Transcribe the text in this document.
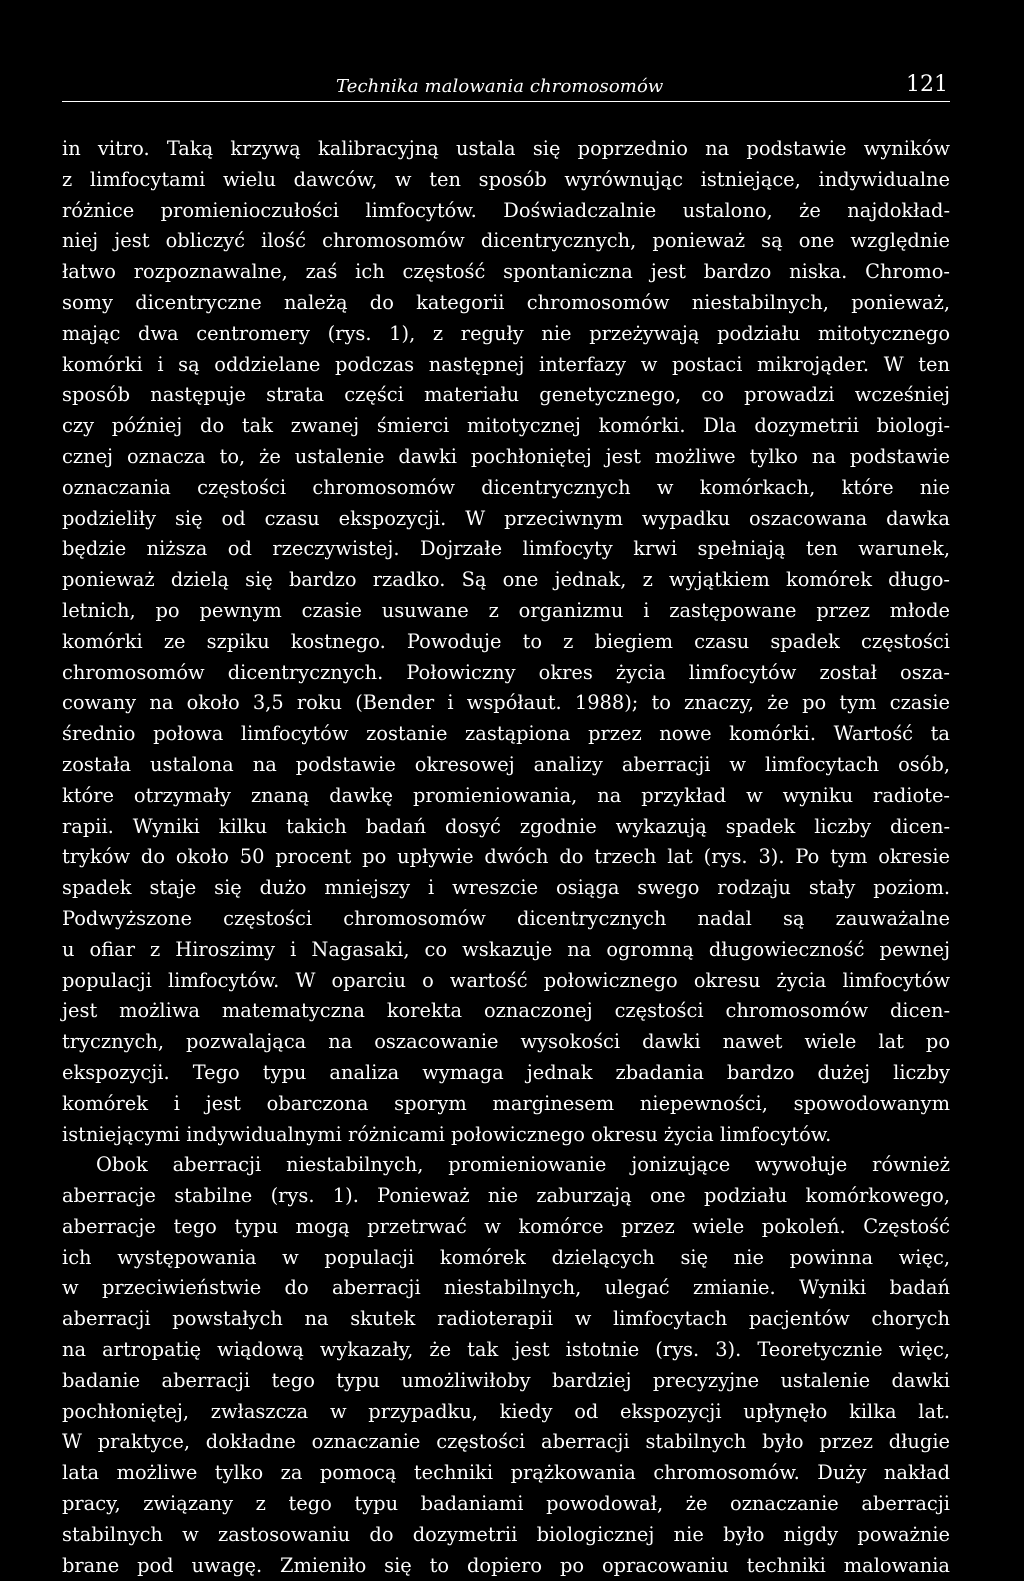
Technika malowania chromosomów	121
in vitro. Taką krzywą kalibracyjną ustala się poprzednio na podstawie wyników
z limfocytami wielu dawców, w ten sposób wyrównując istniejące, indywidualne
różnice promienioczułości limfocytów. Doświadczalnie ustalono, że najdokład-
niej jest obliczyć ilość chromosomów dicentrycznych, ponieważ są one względnie
łatwo rozpoznawalne, zaś ich częstość spontaniczna jest bardzo niska. Chromo-
somy dicentryczne należą do kategorii chromosomów niestabilnych, ponieważ,
mając dwa centromery (rys. 1), z reguły nie przeżywają podziału mitotycznego
komórki i są oddzielane podczas następnej interfazy w postaci mikrojąder. W ten
sposób następuje strata części materiału genetycznego, co prowadzi wcześniej
czy później do tak zwanej śmierci mitotycznej komórki. Dla dozymetrii biologi-
cznej oznacza to, że ustalenie dawki pochłoniętej jest możliwe tylko na podstawie
oznaczania częstości chromosomów dicentrycznych w komórkach, które nie
podzieliły się od czasu ekspozycji. W przeciwnym wypadku oszacowana dawka
będzie niższa od rzeczywistej. Dojrzałe limfocyty krwi spełniają ten warunek,
ponieważ dzielą się bardzo rzadko. Są one jednak, z wyjątkiem komórek długo-
letnich, po pewnym czasie usuwane z organizmu i zastępowane przez młode
komórki ze szpiku kostnego. Powoduje to z biegiem czasu spadek częstości
chromosomów dicentrycznych. Połowiczny okres życia limfocytów został osza-
cowany na około 3,5 roku (Bender i współaut. 1988); to znaczy, że po tym czasie
średnio połowa limfocytów zostanie zastąpiona przez nowe komórki. Wartość ta
została ustalona na podstawie okresowej analizy aberracji w limfocytach osób,
które otrzymały znaną dawkę promieniowania, na przykład w wyniku radiote-
rapii. Wyniki kilku takich badań dosyć zgodnie wykazują spadek liczby dicen-
tryków do około 50 procent po upływie dwóch do trzech lat (rys. 3). Po tym okresie
spadek staje się dużo mniejszy i wreszcie osiąga swego rodzaju stały poziom.
Podwyższone częstości chromosomów dicentrycznych nadal są zauważalne
u ofiar z Hiroszimy i Nagasaki, co wskazuje na ogromną długowieczność pewnej
populacji limfocytów. W oparciu o wartość połowicznego okresu życia limfocytów
jest możliwa matematyczna korekta oznaczonej częstości chromosomów dicen-
trycznych, pozwalająca na oszacowanie wysokości dawki nawet wiele lat po
ekspozycji. Tego typu analiza wymaga jednak zbadania bardzo dużej liczby
komórek i jest obarczona sporym marginesem niepewności, spowodowanym
istniejącymi indywidualnymi różnicami połowicznego okresu życia limfocytów.
Obok aberracji niestabilnych, promieniowanie jonizujące wywołuje również
aberracje stabilne (rys. 1). Ponieważ nie zaburzają one podziału komórkowego,
aberracje tego typu mogą przetrwać w komórce przez wiele pokoleń. Częstość
ich występowania w populacji komórek dzielących się nie powinna więc,
w przeciwieństwie do aberracji niestabilnych, ulegać zmianie. Wyniki badań
aberracji powstałych na skutek radioterapii w limfocytach pacjentów chorych
na artropatię wiądową wykazały, że tak jest istotnie (rys. 3). Teoretycznie więc,
badanie aberracji tego typu umożliwiłoby bardziej precyzyjne ustalenie dawki
pochłoniętej, zwłaszcza w przypadku, kiedy od ekspozycji upłynęło kilka lat.
W praktyce, dokładne oznaczanie częstości aberracji stabilnych było przez długie
lata możliwe tylko za pomocą techniki prążkowania chromosomów. Duży nakład
pracy, związany z tego typu badaniami powodował, że oznaczanie aberracji
stabilnych w zastosowaniu do dozymetrii biologicznej nie było nigdy poważnie
brane pod uwagę. Zmieniło się to dopiero po opracowaniu techniki malowania
